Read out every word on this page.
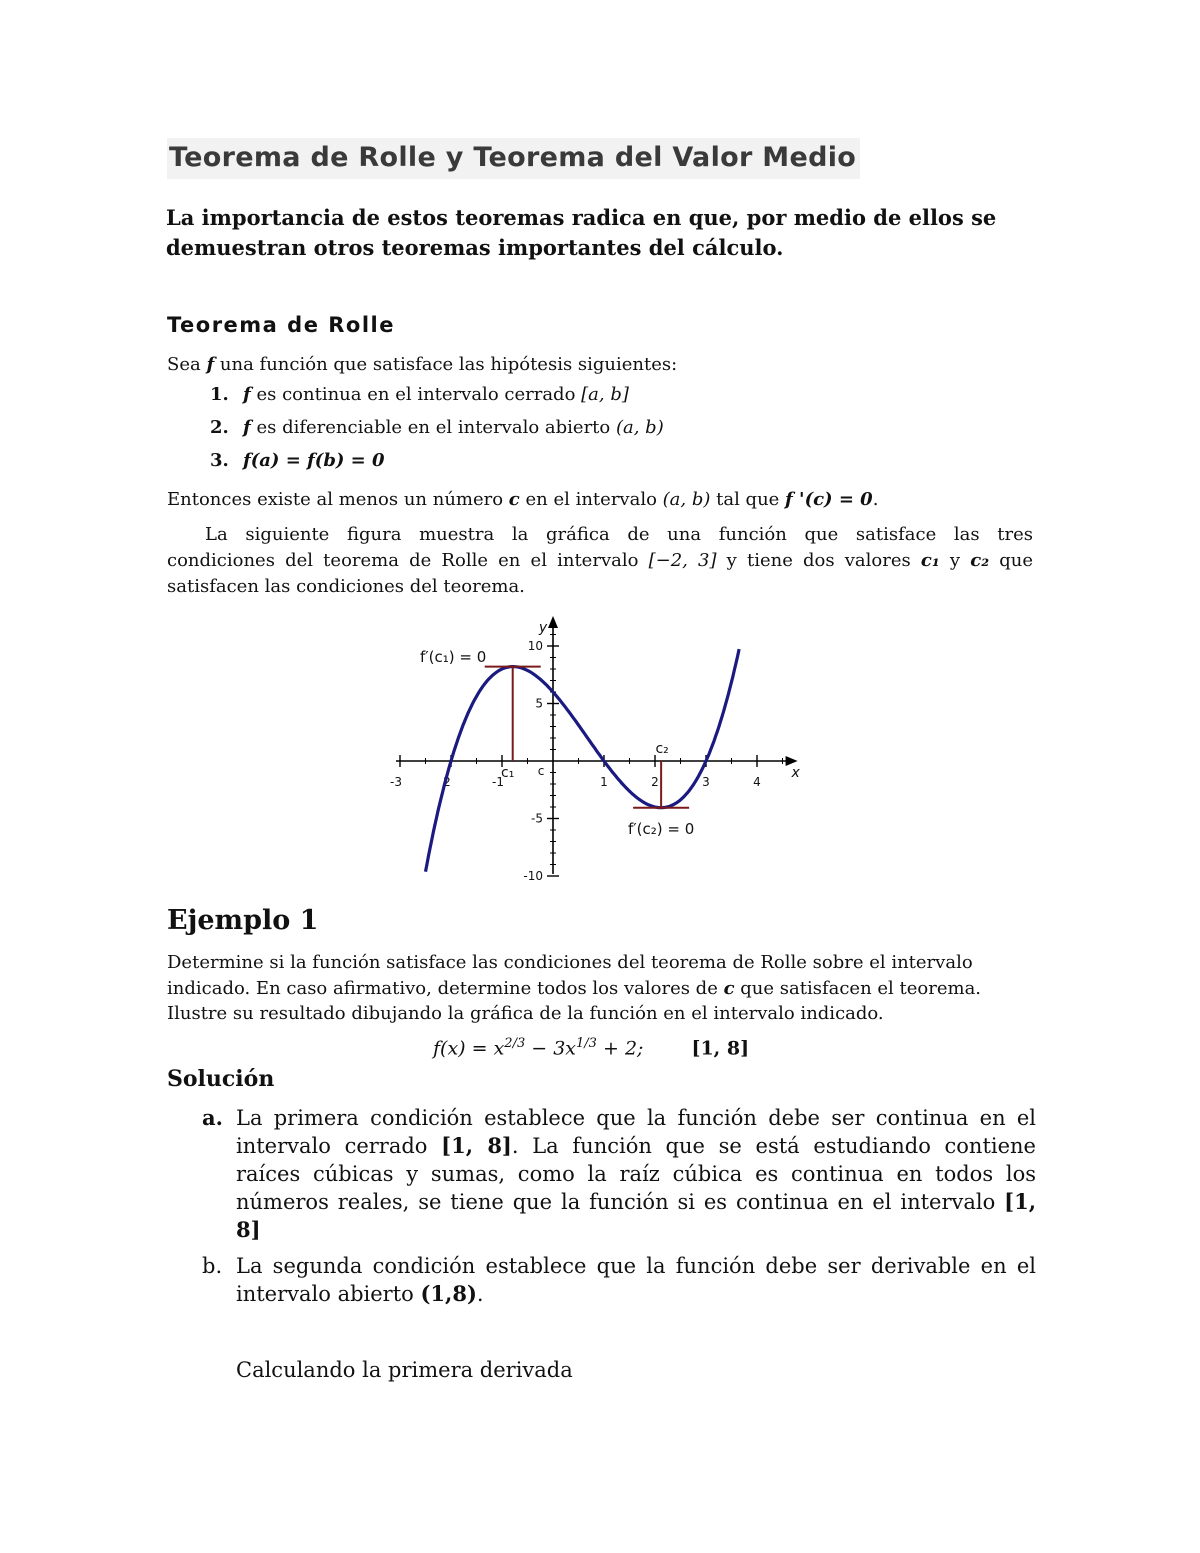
Teorema de Rolle y Teorema del Valor Medio

La importancia de estos teoremas radica en que, por medio de ellos se demuestran otros teoremas importantes del cálculo.

Teorema de Rolle

Sea f una función que satisface las hipótesis siguientes:

1. f es continua en el intervalo cerrado [a, b]
2. f es diferenciable en el intervalo abierto (a, b)
3. f(a) = f(b) = 0

Entonces existe al menos un número c en el intervalo (a, b) tal que f '(c) = 0.

La siguiente figura muestra la gráfica de una función que satisface las tres

condiciones del teorema de Rolle en el intervalo [−2, 3] y tiene dos valores c₁ y c₂ que

satisfacen las condiciones del teorema.

-3	2	-1	1	2	3	4
-10
-5
5
10
y
x
c
c₁
c₂
f′(c₁) = 0
f′(c₂) = 0
Ejemplo 1

Determine si la función satisface las condiciones del teorema de Rolle sobre el intervalo

indicado. En caso afirmativo, determine todos los valores de c que satisfacen el teorema.

Ilustre su resultado dibujando la gráfica de la función en el intervalo indicado.

$f(x) = x^{2/3} - 3x^{1/3} + 2$;	[1, 8]

Solución
a. La primera condición establece que la función debe ser continua en el intervalo cerrado [1, 8]. La función que se está estudiando contiene raíces cúbicas y sumas, como la raíz cúbica es continua en todos los números reales, se tiene que la función si es continua en el intervalo [1, 8]
b. La segunda condición establece que la función debe ser derivable en el intervalo abierto (1,8).

Calculando la primera derivada
